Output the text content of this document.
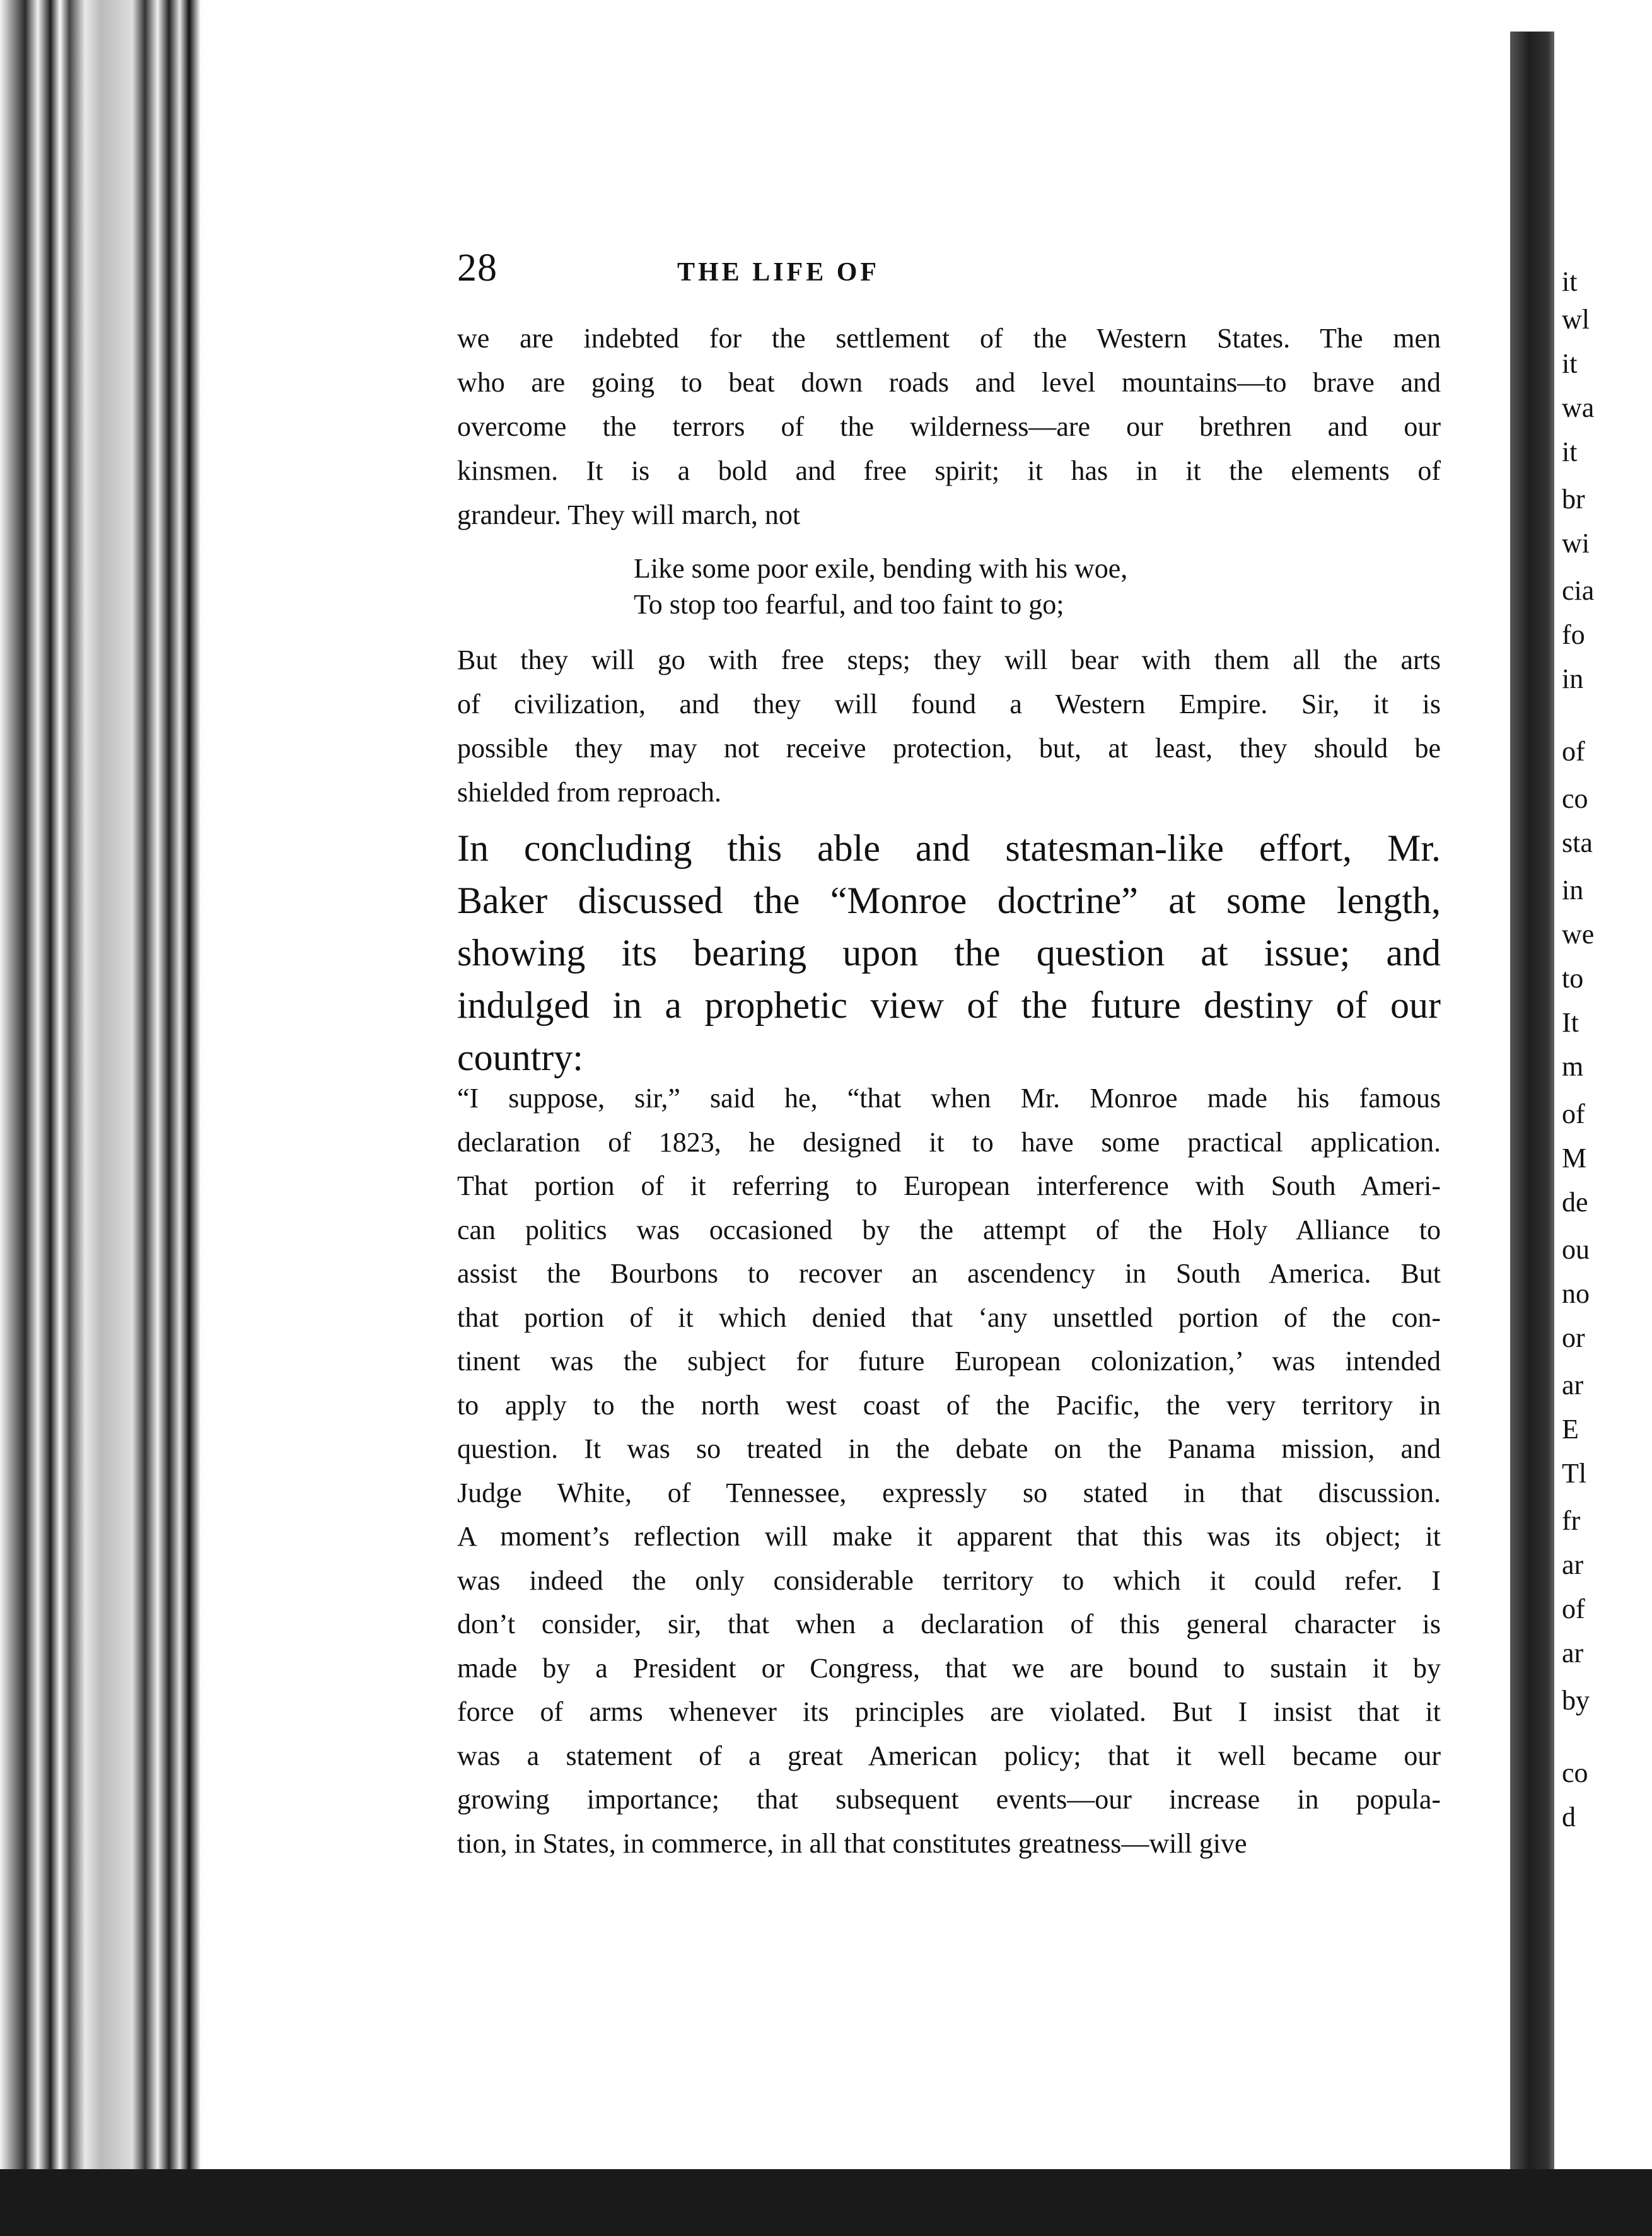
it
wl
it
wa
it
br
wi
cia
fo
in
of
co
sta
in
we
to
It
m
of
M
de
ou
no
or
ar
E
Tl
fr
ar
of
ar
by
co
d
28	THE LIFE OF
we are indebted for the settlement of the Western States. The men
who are going to beat down roads and level mountains—to brave and
overcome the terrors of the wilderness—are our brethren and our
kinsmen. It is a bold and free spirit; it has in it the elements of
grandeur. They will march, not
Like some poor exile, bending with his woe,
To stop too fearful, and too faint to go;
But they will go with free steps; they will bear with them all the arts
of civilization, and they will found a Western Empire. Sir, it is
possible they may not receive protection, but, at least, they should be
shielded from reproach.
In concluding this able and statesman-like effort, Mr.
Baker discussed the “Monroe doctrine” at some length,
showing its bearing upon the question at issue; and
indulged in a prophetic view of the future destiny of our
country:
“I suppose, sir,” said he, “that when Mr. Monroe made his famous
declaration of 1823, he designed it to have some practical application.
That portion of it referring to European interference with South Ameri-
can politics was occasioned by the attempt of the Holy Alliance to
assist the Bourbons to recover an ascendency in South America. But
that portion of it which denied that ‘any unsettled portion of the con-
tinent was the subject for future European colonization,’ was intended
to apply to the north west coast of the Pacific, the very territory in
question. It was so treated in the debate on the Panama mission, and
Judge White, of Tennessee, expressly so stated in that discussion.
A moment’s reflection will make it apparent that this was its object; it
was indeed the only considerable territory to which it could refer. I
don’t consider, sir, that when a declaration of this general character is
made by a President or Congress, that we are bound to sustain it by
force of arms whenever its principles are violated. But I insist that it
was a statement of a great American policy; that it well became our
growing importance; that subsequent events—our increase in popula-
tion, in States, in commerce, in all that constitutes greatness—will give
